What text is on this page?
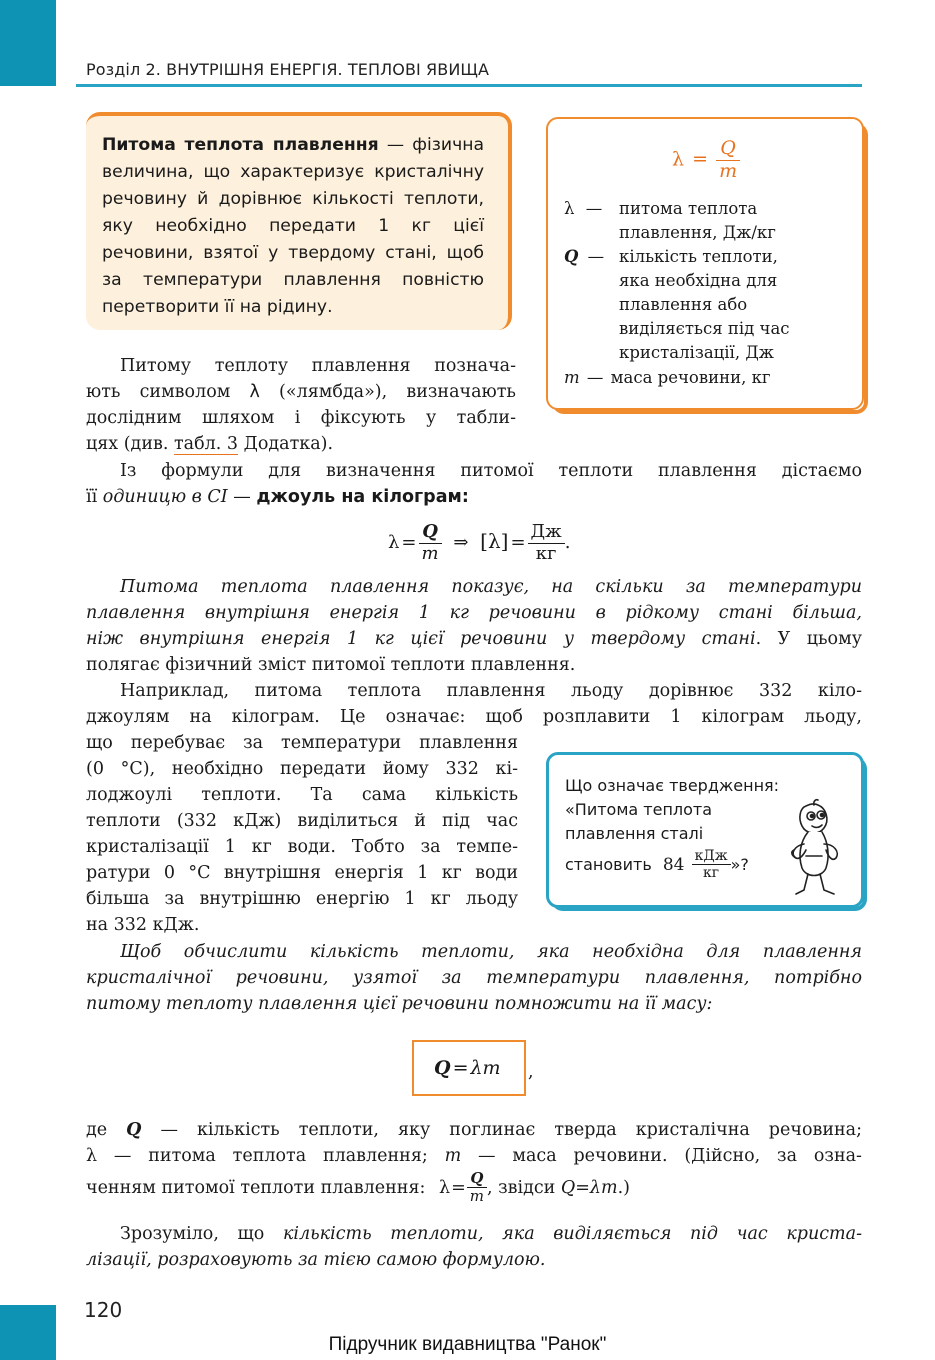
Розділ 2. ВНУТРІШНЯ ЕНЕРГІЯ. ТЕПЛОВІ ЯВИЩА
Питома теплота плавлення — фізична величина, що характеризує кристалічну речовину й дорівнює кількості теплоти, яку необхідно передати 1 кг цієї речовини, взятої у твердому стані, щоб за температури плавлення повністю перетворити її на рідину.
$\lambda = \frac{Q}{m}$
λ —	питома теплота
плавлення, Дж/кг
Q — кількість теплоти,
яка необхідна для
плавлення або
виділяється під час
кристалізації, Дж
m — маса речовини, кг
Питому теплоту плавлення познача-
ють символом λ («лямбда»), визначають
дослідним шляхом і фіксують у табли-
цях (див. табл. 3 Додатка).
Із формули для визначення питомої теплоти плавлення дістаємо
її одиницю в СІ — джоуль на кілограм:
λ =
Q
m ⇒ $[\lambda] = \frac{Дж}{кг}$ .
Питома теплота плавлення показує, на скільки за температури
плавлення внутрішня енергія 1 кг речовини в рідкому стані більша,
ніж внутрішня енергія 1 кг цієї речовини у твердому стані. У цьому
полягає фізичний зміст питомої теплоти плавлення.
Наприклад, питома теплота плавлення льоду дорівнює 332 кіло-
джоулям на кілограм. Це означає: щоб розплавити 1 кілограм льоду,
що перебуває за температури плавлення
(0 °С), необхідно передати йому 332 кі-
лоджоулі теплоти. Та сама кількість
теплоти (332 кДж) виділиться й під час
кристалізації 1 кг води. Тобто за темпе-
ратури 0 °С внутрішня енергія 1 кг води
більша за внутрішню енергію 1 кг льоду
на 332 кДж.
Що означає твердження:
«Питома теплота
плавлення сталі
становить $84 \frac{\text{кДж}}{кг}$ »?
Щоб обчислити кількість теплоти, яка необхідна для плавлення
кристалічної речовини, узятої за температури плавлення, потрібно
питому теплоту плавлення цієї речовини помножити на її масу:
Q = λm ,
де Q — кількість теплоти, яку поглинає тверда кристалічна речовина;
λ — питома теплота плавлення; m — маса речовини. (Дійсно, за озна-
ченням питомої теплоти плавлення: λ= Q
m , звідси Q=λm.)
Зрозуміло, що кількість теплоти, яка виділяється під час криста-
лізації, розраховують за тією самою формулою.
120
Підручник видавництва "Ранок"
